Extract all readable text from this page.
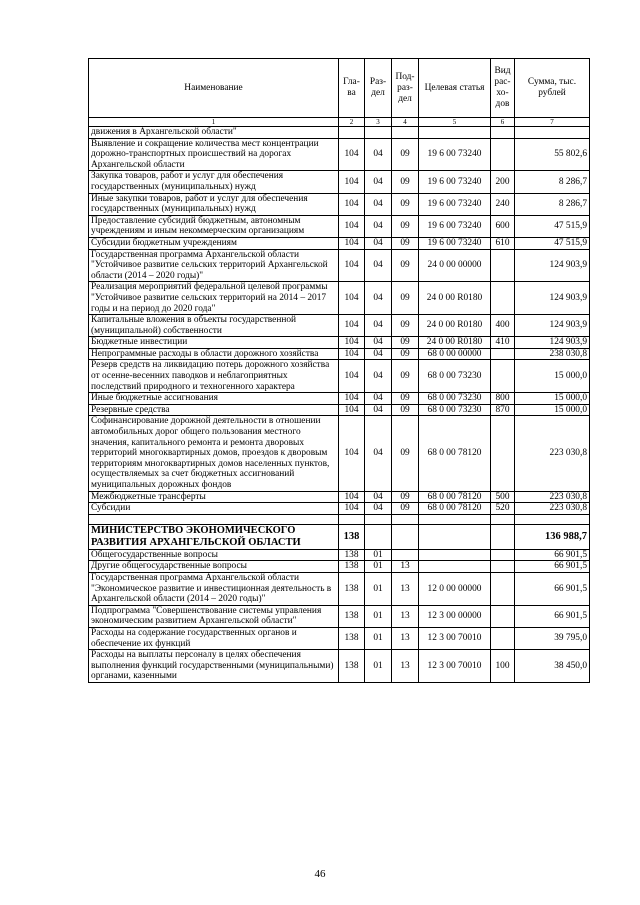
Наименование	Гла-ва	Раз-дел	Под-раз-дел	Целевая статья	Вид рас-хо-дов	Сумма, тыс. рублей
1	2	3	4	5	6	7
движения в Архангельской области"						
Выявление и сокращение количества мест концентрации дорожно-транспортных происшествий на дорогах Архангельской области	104	04	09	19 6 00 73240		55 802,6
Закупка товаров, работ и услуг для обеспечения государственных (муниципальных) нужд	104	04	09	19 6 00 73240	200	8 286,7
Иные закупки товаров, работ и услуг для обеспечения государственных (муниципальных) нужд	104	04	09	19 6 00 73240	240	8 286,7
Предоставление субсидий бюджетным, автономным учреждениям и иным некоммерческим организациям	104	04	09	19 6 00 73240	600	47 515,9
Субсидии бюджетным учреждениям	104	04	09	19 6 00 73240	610	47 515,9
Государственная программа Архангельской области "Устойчивое развитие сельских территорий Архангельской области (2014 – 2020 годы)"	104	04	09	24 0 00 00000		124 903,9
Реализация мероприятий федеральной целевой программы "Устойчивое развитие сельских территорий на 2014 – 2017 годы и на период до 2020 года"	104	04	09	24 0 00 R0180		124 903,9
Капитальные вложения в объекты государственной (муниципальной) собственности	104	04	09	24 0 00 R0180	400	124 903,9
Бюджетные инвестиции	104	04	09	24 0 00 R0180	410	124 903,9
Непрограммные расходы в области дорожного хозяйства	104	04	09	68 0 00 00000		238 030,8
Резерв средств на ликвидацию потерь дорожного хозяйства от осенне-весенних паводков и неблагоприятных последствий природного и техногенного характера	104	04	09	68 0 00 73230		15 000,0
Иные бюджетные ассигнования	104	04	09	68 0 00 73230	800	15 000,0
Резервные средства	104	04	09	68 0 00 73230	870	15 000,0
Софинансирование дорожной деятельности в отношении автомобильных дорог общего пользования местного значения, капитального ремонта и ремонта дворовых территорий многоквартирных домов, проездов к дворовым территориям многоквартирных домов населенных пунктов, осуществляемых за счет бюджетных ассигнований муниципальных дорожных фондов	104	04	09	68 0 00 78120		223 030,8
Межбюджетные трансферты	104	04	09	68 0 00 78120	500	223 030,8
Субсидии	104	04	09	68 0 00 78120	520	223 030,8

МИНИСТЕРСТВО ЭКОНОМИЧЕСКОГО РАЗВИТИЯ АРХАНГЕЛЬСКОЙ ОБЛАСТИ	138					136 988,7
Общегосударственные вопросы	138	01				66 901,5
Другие общегосударственные вопросы	138	01	13			66 901,5
Государственная программа Архангельской области "Экономическое развитие и инвестиционная деятельность в Архангельской области (2014 – 2020 годы)"	138	01	13	12 0 00 00000		66 901,5
Подпрограмма "Совершенствование системы управления экономическим развитием Архангельской области"	138	01	13	12 3 00 00000		66 901,5
Расходы на содержание государственных органов и обеспечение их функций	138	01	13	12 3 00 70010		39 795,0
Расходы на выплаты персоналу в целях обеспечения выполнения функций государственными (муниципальными) органами, казенными	138	01	13	12 3 00 70010	100	38 450,0
46
